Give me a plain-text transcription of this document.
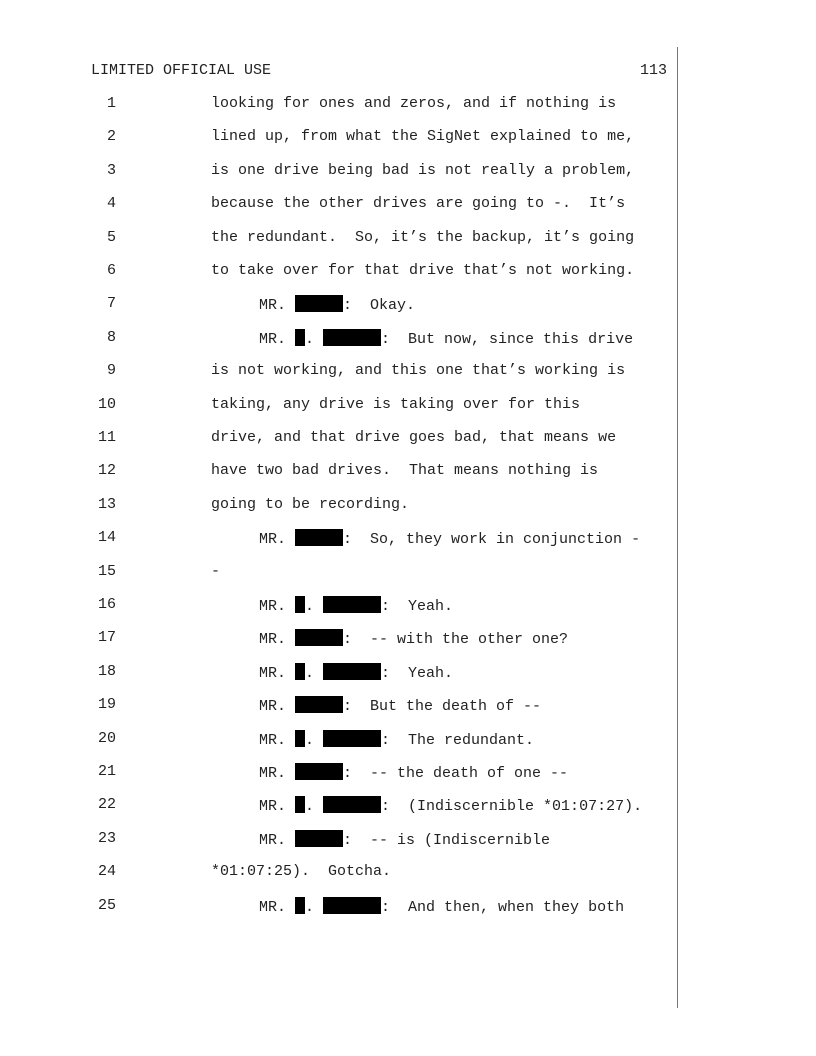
LIMITED OFFICIAL USE	113
1	looking for ones and zeros, and if nothing is
2	lined up, from what the SigNet explained to me,
3	is one drive being bad is not really a problem,
4	because the other drives are going to -.  It’s
5	the redundant.  So, it’s the backup, it’s going
6	to take over for that drive that’s not working.
7	MR.	:  Okay.
8	MR. .	:  But now, since this drive
9	is not working, and this one that’s working is
10	taking, any drive is taking over for this
11	drive, and that drive goes bad, that means we
12	have two bad drives.  That means nothing is
13	going to be recording.
14	MR.	:  So, they work in conjunction -
15	-
16	MR. .	:  Yeah.
17	MR.	:  -- with the other one?
18	MR. .	:  Yeah.
19	MR.	:  But the death of --
20	MR. .	:  The redundant.
21	MR.	:  -- the death of one --
22	MR. .	:  (Indiscernible *01:07:27).
23	MR.	:  -- is (Indiscernible
24	*01:07:25).  Gotcha.
25	MR. .	:  And then, when they both
